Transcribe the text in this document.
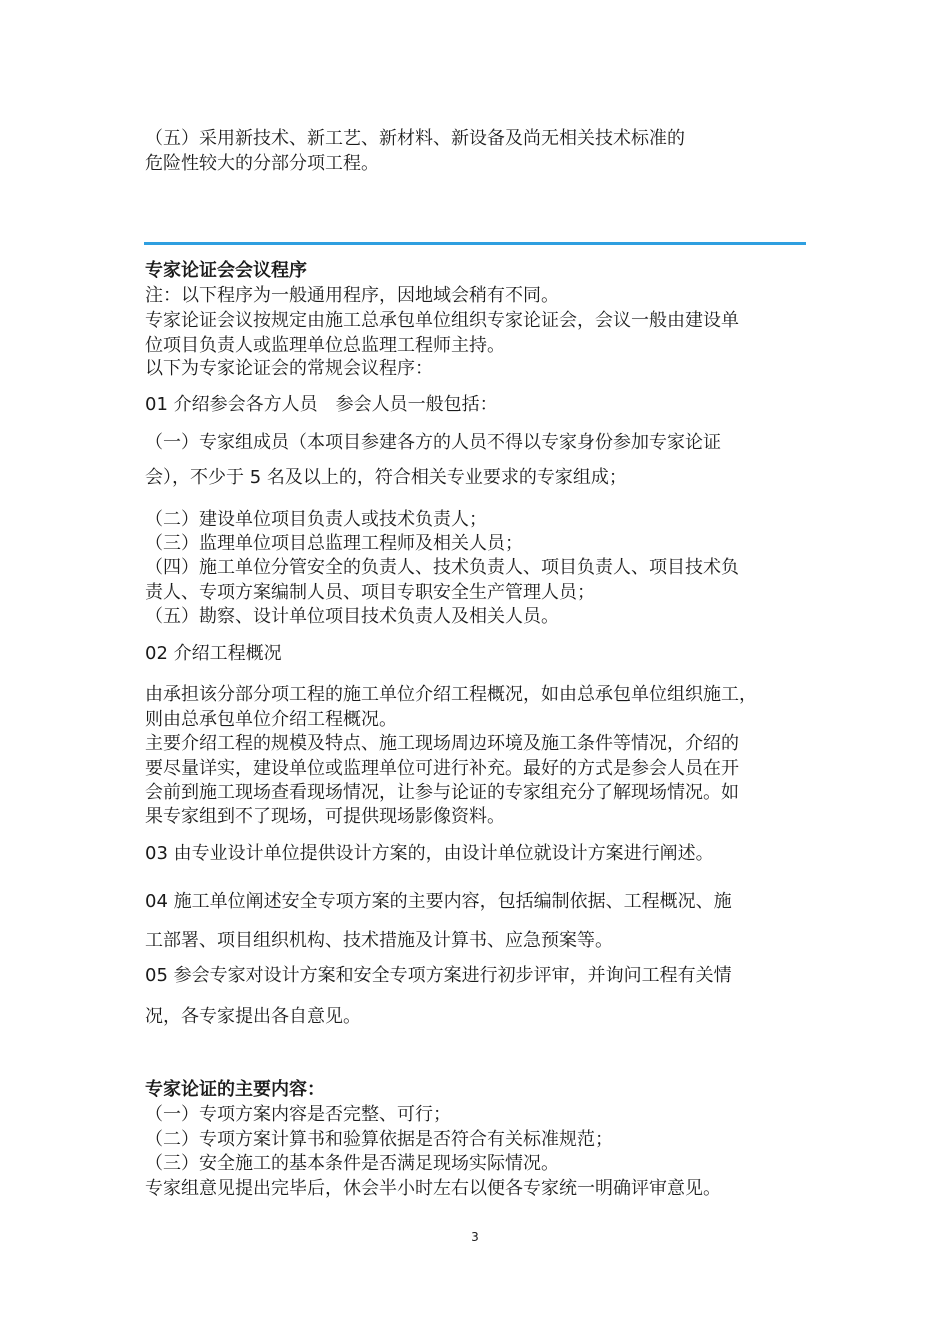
（五）采用新技术、新工艺、新材料、新设备及尚无相关技术标准的
危险性较大的分部分项工程。
专家论证会会议程序
注：以下程序为一般通用程序，因地域会稍有不同。
专家论证会议按规定由施工总承包单位组织专家论证会，会议一般由建设单
位项目负责人或监理单位总监理工程师主持。
以下为专家论证会的常规会议程序：
01 介绍参会各方人员　参会人员一般包括：
（一）专家组成员（本项目参建各方的人员不得以专家身份参加专家论证
会），不少于 5 名及以上的，符合相关专业要求的专家组成；
（二）建设单位项目负责人或技术负责人；
（三）监理单位项目总监理工程师及相关人员；
（四）施工单位分管安全的负责人、技术负责人、项目负责人、项目技术负
责人、专项方案编制人员、项目专职安全生产管理人员；
（五）勘察、设计单位项目技术负责人及相关人员。
02 介绍工程概况
由承担该分部分项工程的施工单位介绍工程概况，如由总承包单位组织施工，
则由总承包单位介绍工程概况。
主要介绍工程的规模及特点、施工现场周边环境及施工条件等情况，介绍的
要尽量详实，建设单位或监理单位可进行补充。最好的方式是参会人员在开
会前到施工现场查看现场情况，让参与论证的专家组充分了解现场情况。如
果专家组到不了现场，可提供现场影像资料。
03 由专业设计单位提供设计方案的，由设计单位就设计方案进行阐述。
04 施工单位阐述安全专项方案的主要内容，包括编制依据、工程概况、施
工部署、项目组织机构、技术措施及计算书、应急预案等。
05 参会专家对设计方案和安全专项方案进行初步评审，并询问工程有关情
况，各专家提出各自意见。
专家论证的主要内容：
（一）专项方案内容是否完整、可行；
（二）专项方案计算书和验算依据是否符合有关标准规范；
（三）安全施工的基本条件是否满足现场实际情况。
专家组意见提出完毕后，休会半小时左右以便各专家统一明确评审意见。
3
